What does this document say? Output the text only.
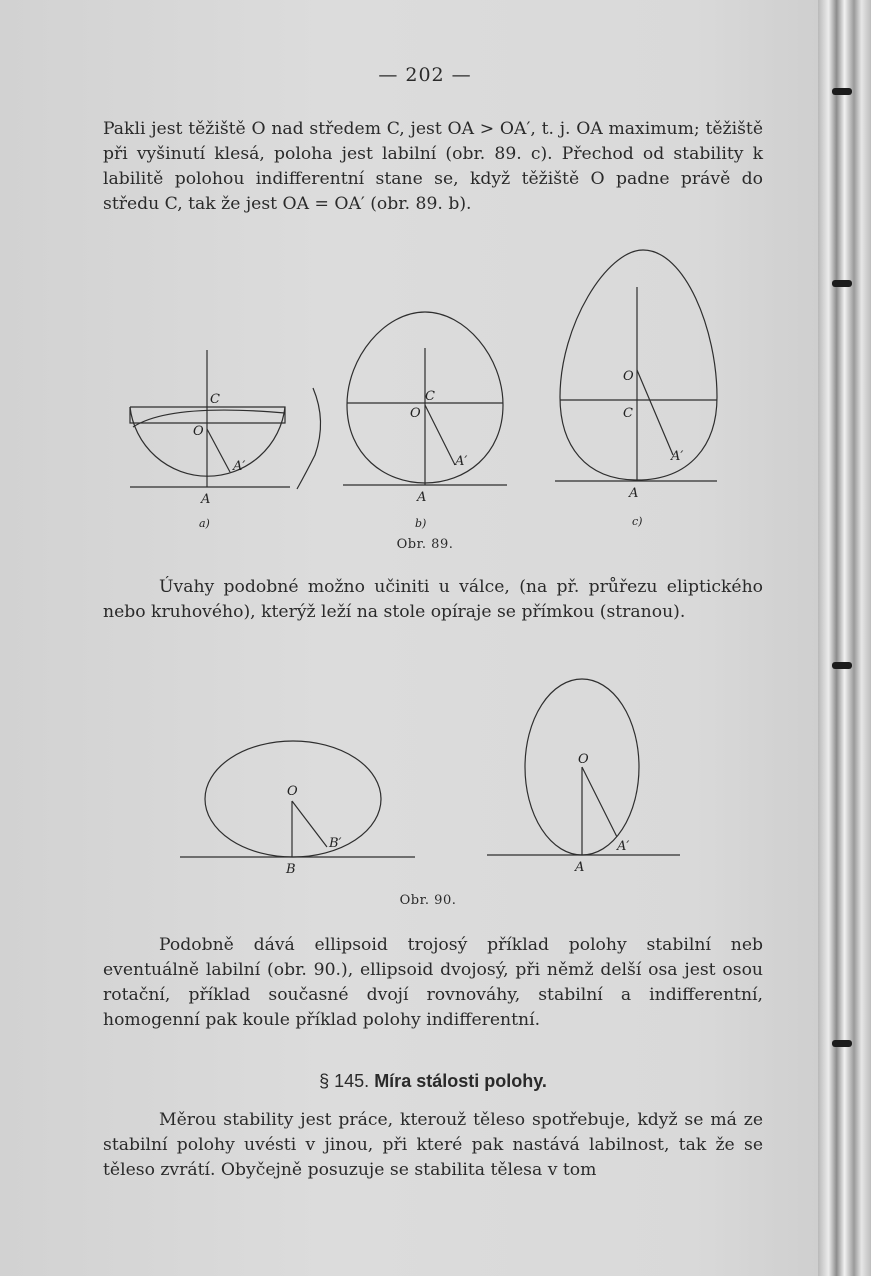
— 202 —

Pakli jest těžiště O nad středem C, jest OA > OA′, t. j. OA maximum; těžiště při vyšinutí klesá, poloha jest labilní (obr. 89. c). Přechod od stability k labilitě polohou indifferentní stane se, když těžiště O padne právě do středu C, tak že jest OA = OA′ (obr. 89. b).

C
O
A′
A
a)
C
O
A′
A
b)
O
C
A′
A
c)
Obr. 89.

Úvahy podobné možno učiniti u válce, (na př. průřezu eliptického nebo kruhového), kterýž leží na stole opíraje se přímkou (stranou).

O
B′
B
O
A′
A
Obr. 90.

Podobně dává ellipsoid trojosý příklad polohy stabilní neb eventuálně labilní (obr. 90.), ellipsoid dvojosý, při němž delší osa jest osou rotační, příklad současné dvojí rovnováhy, stabilní a indifferentní, homogenní pak koule příklad polohy indifferentní.

§ 145. Míra stálosti polohy.

Měrou stability jest práce, kterouž těleso spotřebuje, když se má ze stabilní polohy uvésti v jinou, při které pak nastává labilnost, tak že se těleso zvrátí. Obyčejně posuzuje se stabilita tělesa v tom
